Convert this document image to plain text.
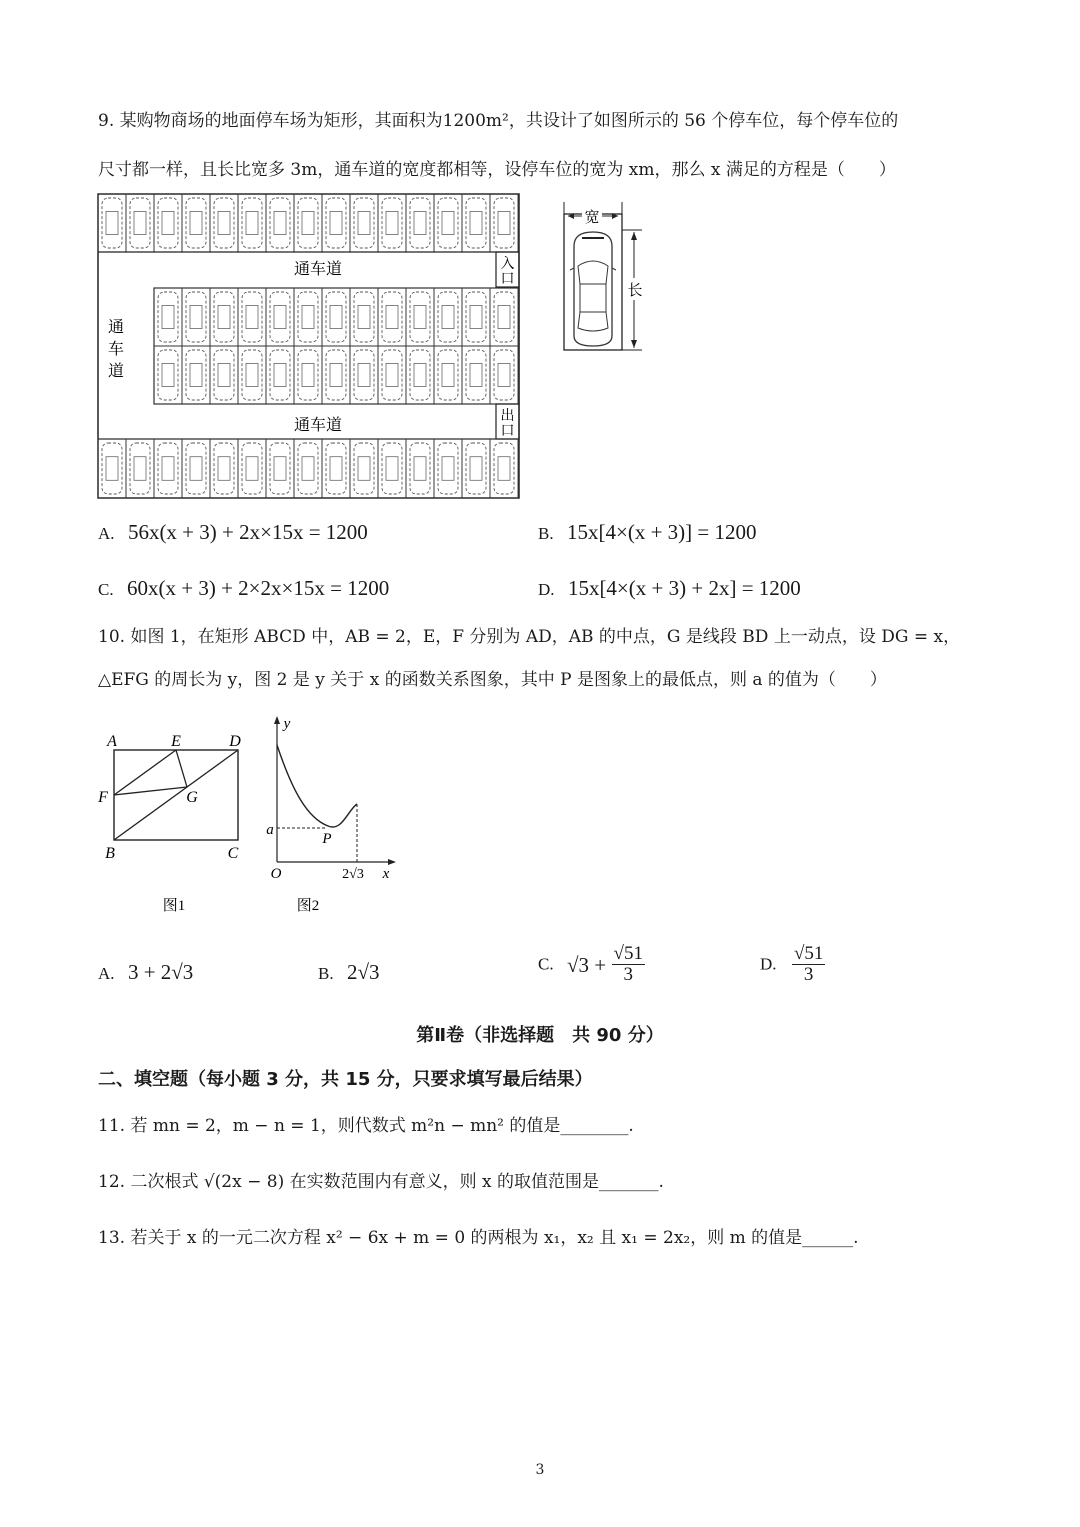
9. 某购物商场的地面停车场为矩形，其面积为1200m²，共设计了如图所示的 56 个停车位，每个停车位的
尺寸都一样，且长比宽多 3m，通车道的宽度都相等，设停车位的宽为 xm，那么 x 满足的方程是（　　）
入
口
通车道
通
车
道
出
口
通车道
宽
长
A. 56x(x + 3) + 2x×15x = 1200	B. 15x[4×(x + 3)] = 1200
C. 60x(x + 3) + 2×2x×15x = 1200	D. 15x[4×(x + 3) + 2x] = 1200
10. 如图 1，在矩形 ABCD 中，AB = 2，E，F 分别为 AD，AB 的中点，G 是线段 BD 上一动点，设 DG = x，
△EFG 的周长为 y，图 2 是 y 关于 x 的函数关系图象，其中 P 是图象上的最低点，则 a 的值为（　　）
A	E	D
F	G
B	C
图1
y
x
O
a
P
2√3
图2
A. 3 + 2√3	B. 2√3	C. $√3 + \frac{√51}{3}$	D. $\frac{√51}{3}$
第Ⅱ卷（非选择题　共 90 分）
二、填空题（每小题 3 分，共 15 分，只要求填写最后结果）
11. 若 mn = 2，m − n = 1，则代数式 m²n − mn² 的值是________.
12. 二次根式 √(2x − 8) 在实数范围内有意义，则 x 的取值范围是_______.
13. 若关于 x 的一元二次方程 x² − 6x + m = 0 的两根为 x₁，x₂ 且 x₁ = 2x₂，则 m 的值是______.
3
